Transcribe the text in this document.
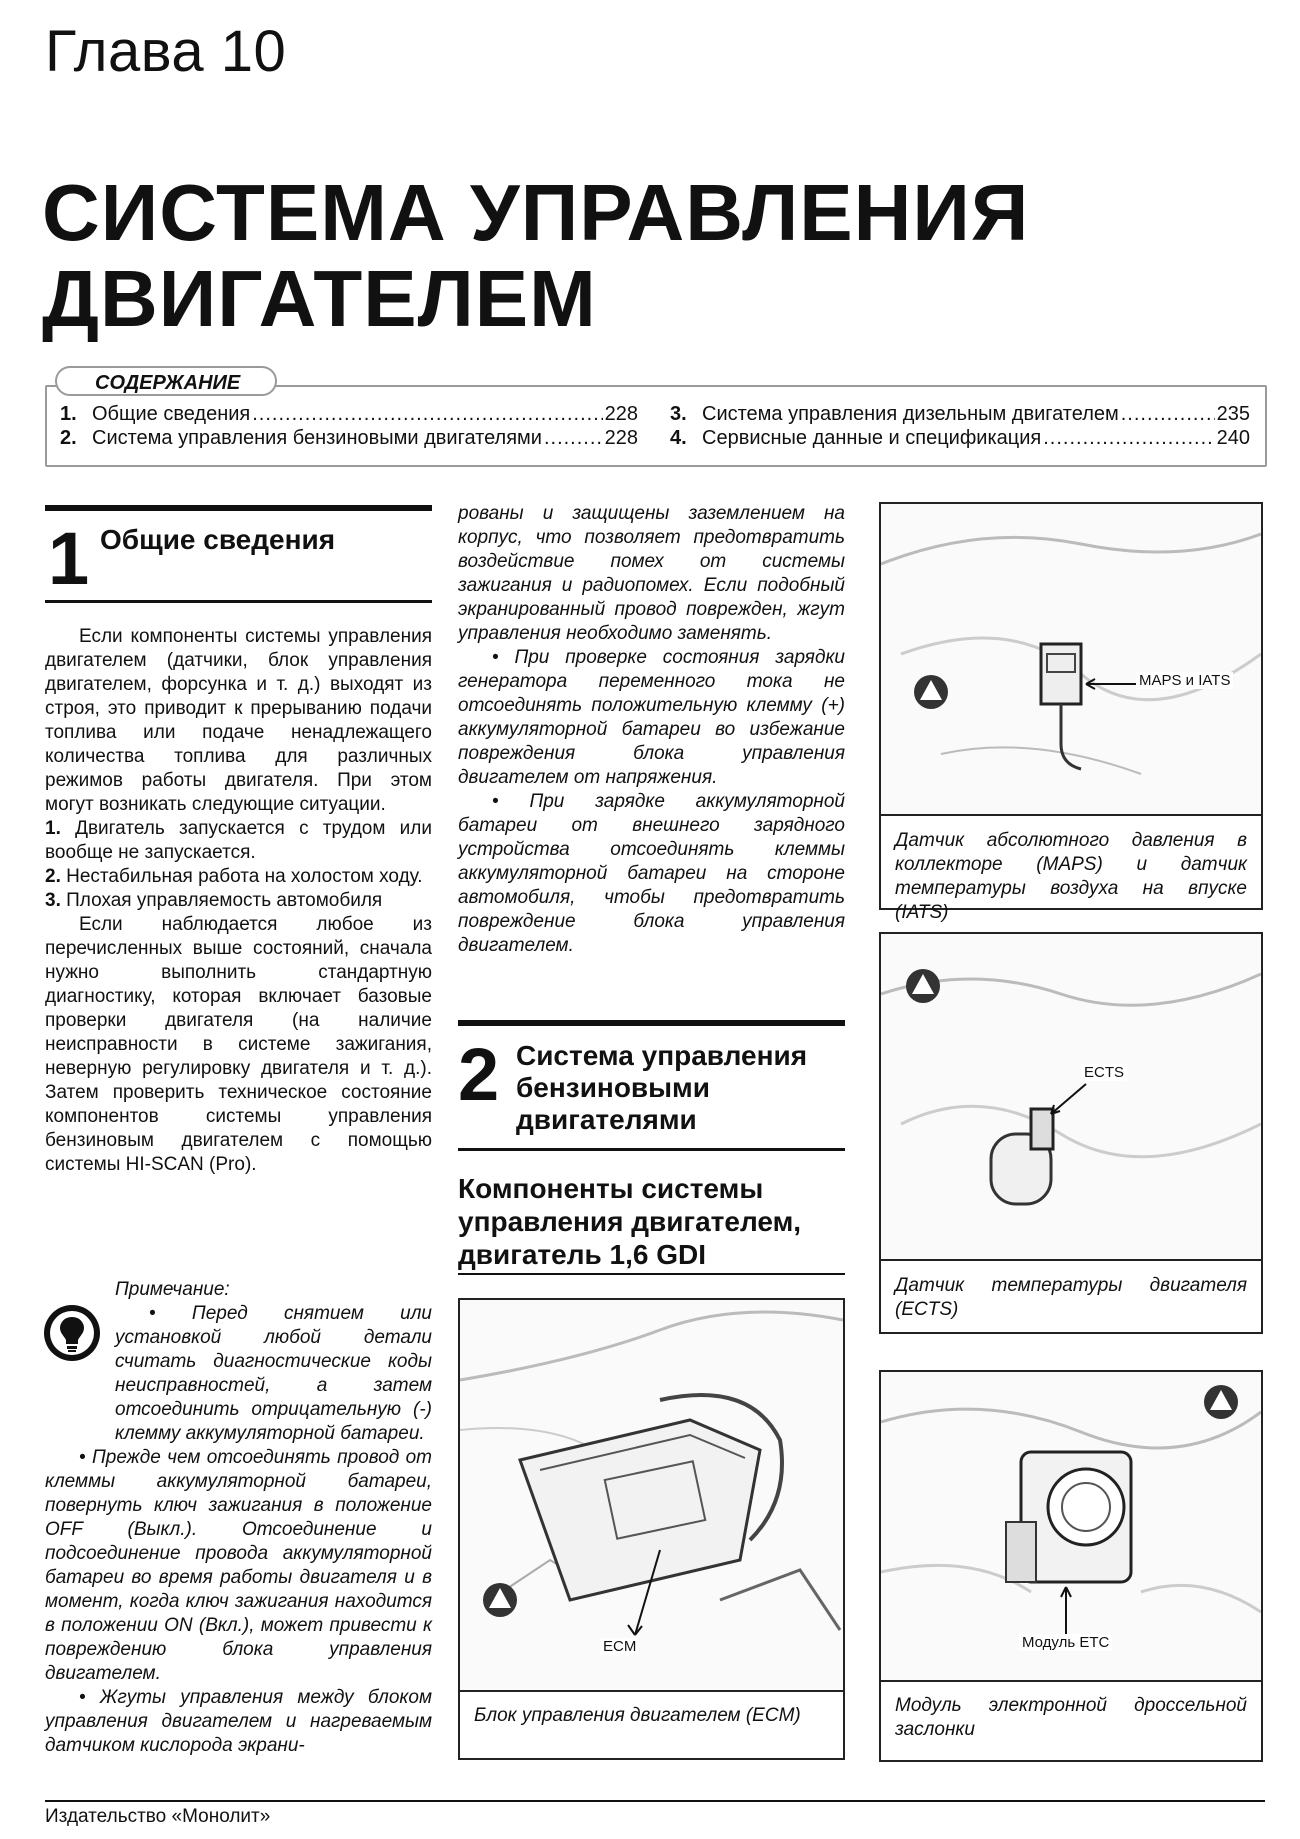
Глава 10
СИСТЕМА УПРАВЛЕНИЯ
ДВИГАТЕЛЕМ
СОДЕРЖАНИЕ
1. Общие сведения .....	228
2. Система управления бензиновыми двигателями .....	228
3. Система управления дизельным двигателем .....	235
4. Сервисные данные и спецификация .....	240
1 Общие сведения

Если компоненты системы управления двигателем (датчики, блок управления двигателем, форсунка и т. д.) выходят из строя, это приводит к прерыванию подачи топлива или подаче ненадлежащего количества топлива для различных режимов работы двигателя. При этом могут возникать следующие ситуации.

1. Двигатель запускается с трудом или вообще не запускается.

2. Нестабильная работа на холостом ходу.

3. Плохая управляемость автомобиля

Если наблюдается любое из перечисленных выше состояний, сначала нужно выполнить стандартную диагностику, которая включает базовые проверки двигателя (на наличие неисправности в системе зажигания, неверную регулировку двигателя и т. д.). Затем проверить техническое состояние компонентов системы управления бензиновым двигателем с помощью системы HI-SCAN (Pro).

Примечание:

• Перед снятием или установкой любой детали считать диагностические коды неисправностей, а затем отсоединить отрицательную (-) клемму аккумуляторной батареи.

• Прежде чем отсоединять провод от клеммы аккумуляторной батареи, повернуть ключ зажигания в положение OFF (Выкл.). Отсоединение и подсоединение провода аккумуляторной батареи во время работы двигателя и в момент, когда ключ зажигания находится в положении ON (Вкл.), может привести к повреждению блока управления двигателем.

• Жгуты управления между блоком управления двигателем и нагреваемым датчиком кислорода экрани-

рованы и защищены заземлением на корпус, что позволяет предотвратить воздействие помех от системы зажигания и радиопомех. Если подобный экранированный провод поврежден, жгут управления необходимо заменять.

• При проверке состояния зарядки генератора переменного тока не отсоединять положительную клемму (+) аккумуляторной батареи во избежание повреждения блока управления двигателем от напряжения.

• При зарядке аккумуляторной батареи от внешнего зарядного устройства отсоединять клеммы аккумуляторной батареи на стороне автомобиля, чтобы предотвратить повреждение блока управления двигателем.

2 Система управления
бензиновыми
двигателями
Компоненты системы
управления двигателем,
двигатель 1,6 GDI
ECM
Блок управления двигателем (ECM)
MAPS и IATS
Датчик абсолютного давления в коллекторе (MAPS) и датчик температуры воздуха на впуске (IATS)
ECTS
Датчик температуры двигателя (ECTS)
Модуль ETC
Модуль электронной дроссельной заслонки
Издательство «Монолит»
